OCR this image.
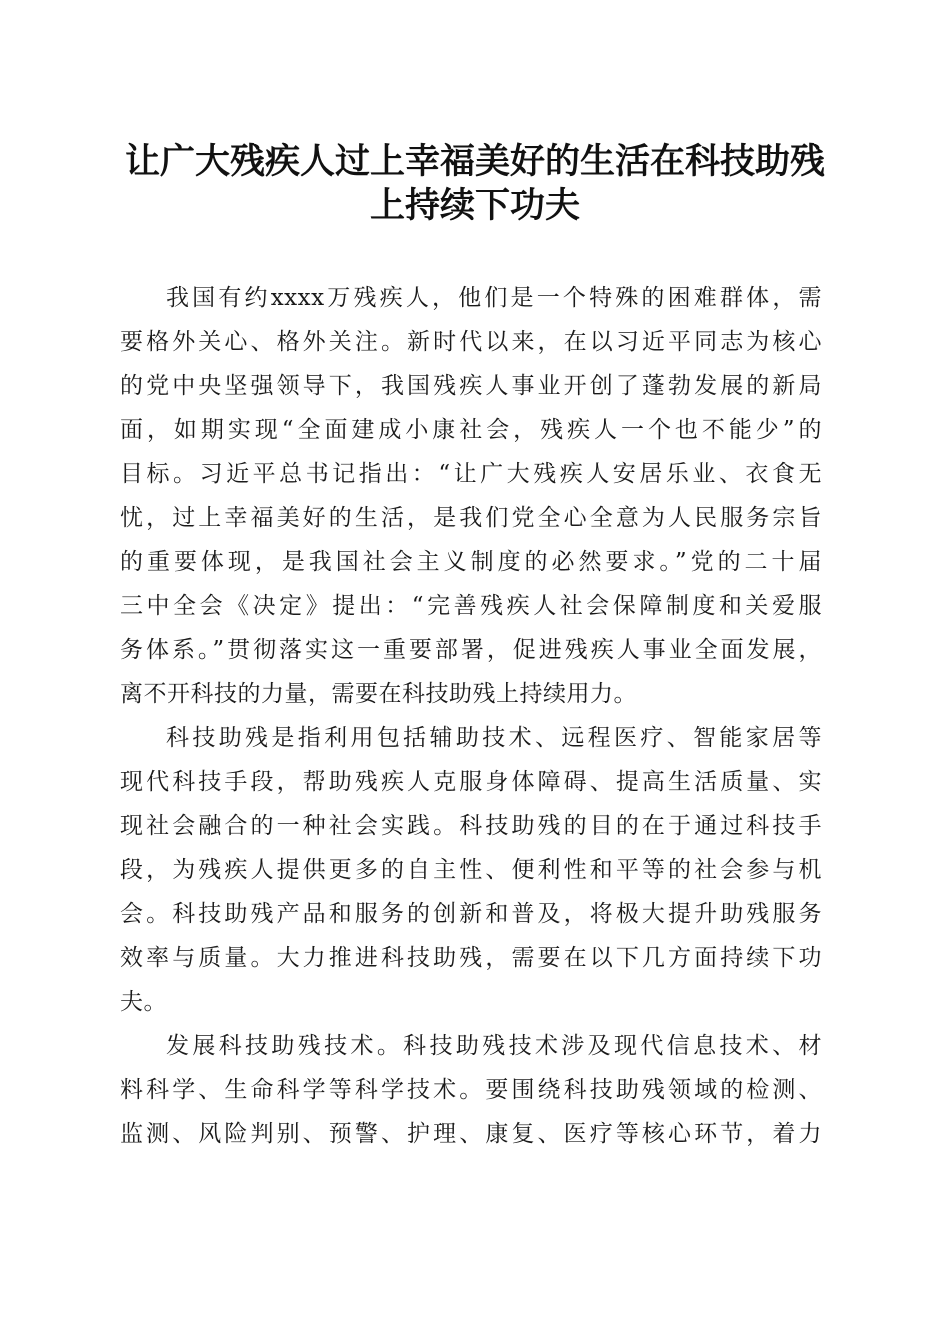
让广大残疾人过上幸福美好的生活在科技助残
上持续下功夫
我国有约xxxx万残疾人，他们是一个特殊的困难群体，需
要格外关心、格外关注。新时代以来，在以习近平同志为核心
的党中央坚强领导下，我国残疾人事业开创了蓬勃发展的新局
面，如期实现“全面建成小康社会，残疾人一个也不能少”的
目标。习近平总书记指出：“让广大残疾人安居乐业、衣食无
忧，过上幸福美好的生活，是我们党全心全意为人民服务宗旨
的重要体现，是我国社会主义制度的必然要求。”党的二十届
三中全会《决定》提出：“完善残疾人社会保障制度和关爱服
务体系。”贯彻落实这一重要部署，促进残疾人事业全面发展，
离不开科技的力量，需要在科技助残上持续用力。
科技助残是指利用包括辅助技术、远程医疗、智能家居等
现代科技手段，帮助残疾人克服身体障碍、提高生活质量、实
现社会融合的一种社会实践。科技助残的目的在于通过科技手
段，为残疾人提供更多的自主性、便利性和平等的社会参与机
会。科技助残产品和服务的创新和普及，将极大提升助残服务
效率与质量。大力推进科技助残，需要在以下几方面持续下功
夫。
发展科技助残技术。科技助残技术涉及现代信息技术、材
料科学、生命科学等科学技术。要围绕科技助残领域的检测、
监测、风险判别、预警、护理、康复、医疗等核心环节，着力
